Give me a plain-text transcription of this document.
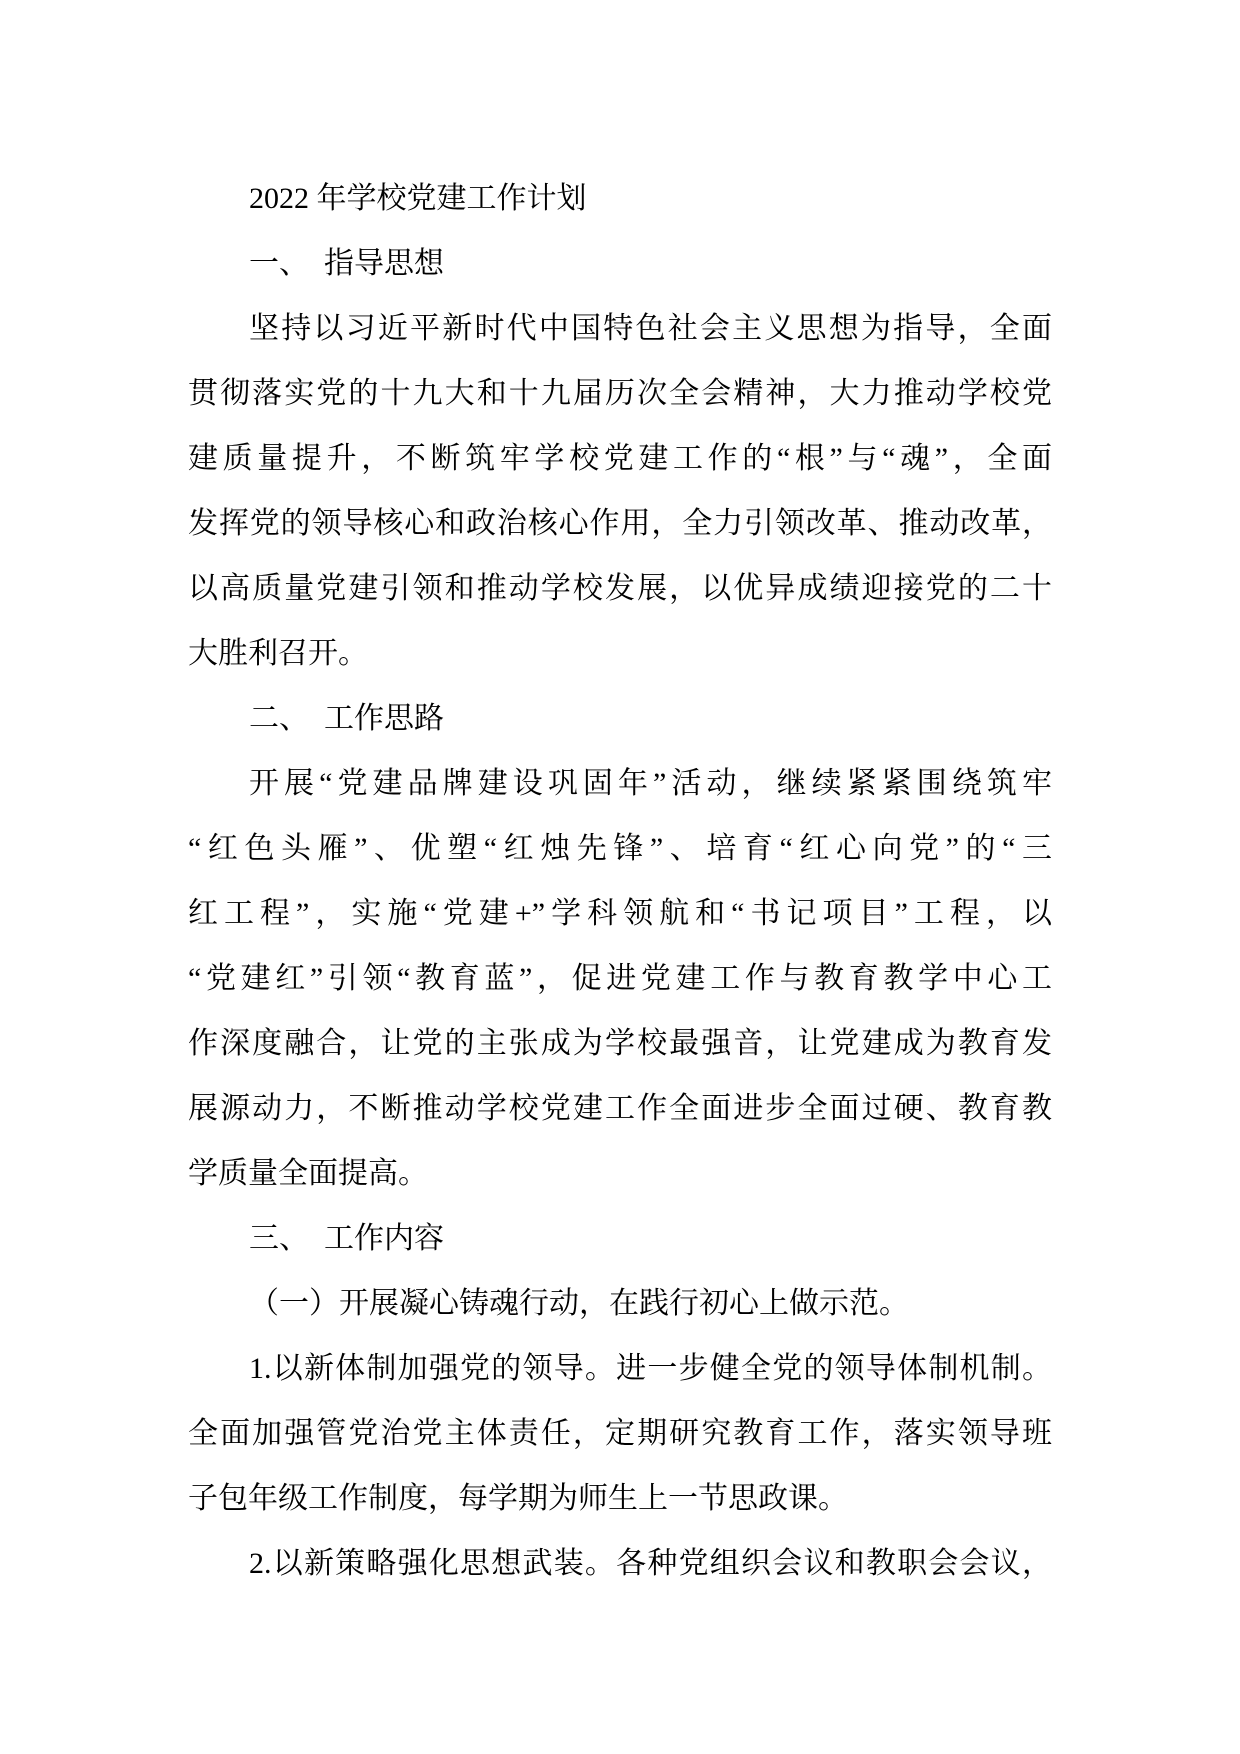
2022 年学校党建工作计划
一、　指导思想
坚持以习近平新时代中国特色社会主义思想为指导，全面
贯彻落实党的十九大和十九届历次全会精神，大力推动学校党
建质量提升，不断筑牢学校党建工作的“根”与“魂”，全面
发挥党的领导核心和政治核心作用，全力引领改革、推动改革，
以高质量党建引领和推动学校发展，以优异成绩迎接党的二十
大胜利召开。
二、　工作思路
开展“党建品牌建设巩固年”活动，继续紧紧围绕筑牢
“红色头雁”、优塑“红烛先锋”、培育“红心向党”的“三
红工程”，实施“党建+”学科领航和“书记项目”工程，以
“党建红”引领“教育蓝”，促进党建工作与教育教学中心工
作深度融合，让党的主张成为学校最强音，让党建成为教育发
展源动力，不断推动学校党建工作全面进步全面过硬、教育教
学质量全面提高。
三、　工作内容
（一）开展凝心铸魂行动，在践行初心上做示范。
1.以新体制加强党的领导。进一步健全党的领导体制机制。
全面加强管党治党主体责任，定期研究教育工作，落实领导班
子包年级工作制度，每学期为师生上一节思政课。
2.以新策略强化思想武装。各种党组织会议和教职会会议，
